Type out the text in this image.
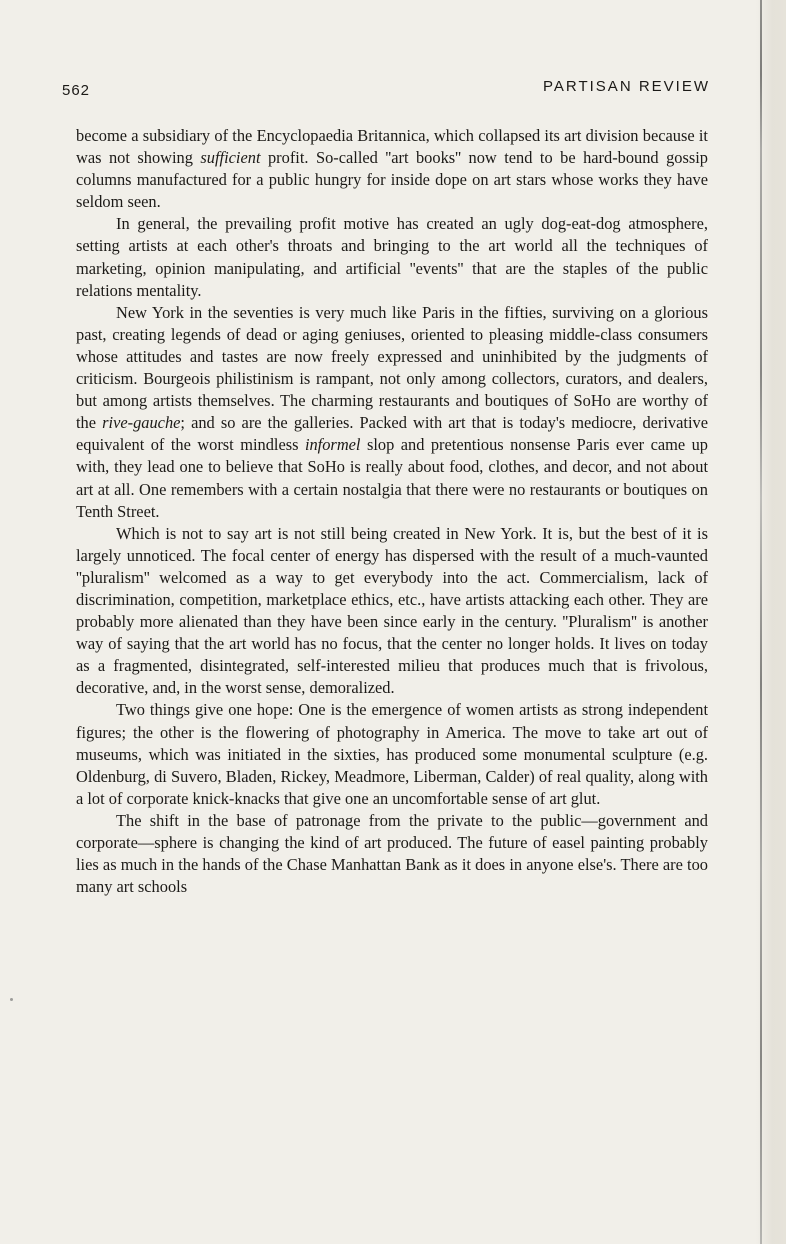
562	PARTISAN REVIEW

become a subsidiary of the Encyclopaedia Britannica, which collapsed its art division because it was not showing sufficient profit. So-called ''art books'' now tend to be hard-bound gossip columns manufactured for a public hungry for inside dope on art stars whose works they have seldom seen.

In general, the prevailing profit motive has created an ugly dog-eat-dog atmosphere, setting artists at each other's throats and bringing to the art world all the techniques of marketing, opinion manipulating, and artificial ''events'' that are the staples of the public relations mentality.

New York in the seventies is very much like Paris in the fifties, surviving on a glorious past, creating legends of dead or aging geniuses, oriented to pleasing middle-class consumers whose attitudes and tastes are now freely expressed and uninhibited by the judgments of criticism. Bourgeois philistinism is rampant, not only among collectors, curators, and dealers, but among artists themselves. The charming restaurants and boutiques of SoHo are worthy of the rive-gauche; and so are the galleries. Packed with art that is today's mediocre, derivative equivalent of the worst mindless informel slop and pretentious nonsense Paris ever came up with, they lead one to believe that SoHo is really about food, clothes, and decor, and not about art at all. One remembers with a certain nostalgia that there were no restaurants or boutiques on Tenth Street.

Which is not to say art is not still being created in New York. It is, but the best of it is largely unnoticed. The focal center of energy has dispersed with the result of a much-vaunted ''pluralism'' welcomed as a way to get everybody into the act. Commercialism, lack of discrimination, competition, marketplace ethics, etc., have artists attacking each other. They are probably more alienated than they have been since early in the century. ''Pluralism'' is another way of saying that the art world has no focus, that the center no longer holds. It lives on today as a fragmented, disintegrated, self-interested milieu that produces much that is frivolous, decorative, and, in the worst sense, demoralized.

Two things give one hope: One is the emergence of women artists as strong independent figures; the other is the flowering of photography in America. The move to take art out of museums, which was initiated in the sixties, has produced some monumental sculpture (e.g. Oldenburg, di Suvero, Bladen, Rickey, Meadmore, Liberman, Calder) of real quality, along with a lot of corporate knick-knacks that give one an uncomfortable sense of art glut.

The shift in the base of patronage from the private to the public—government and corporate—sphere is changing the kind of art produced. The future of easel painting probably lies as much in the hands of the Chase Manhattan Bank as it does in anyone else's. There are too many art schools
